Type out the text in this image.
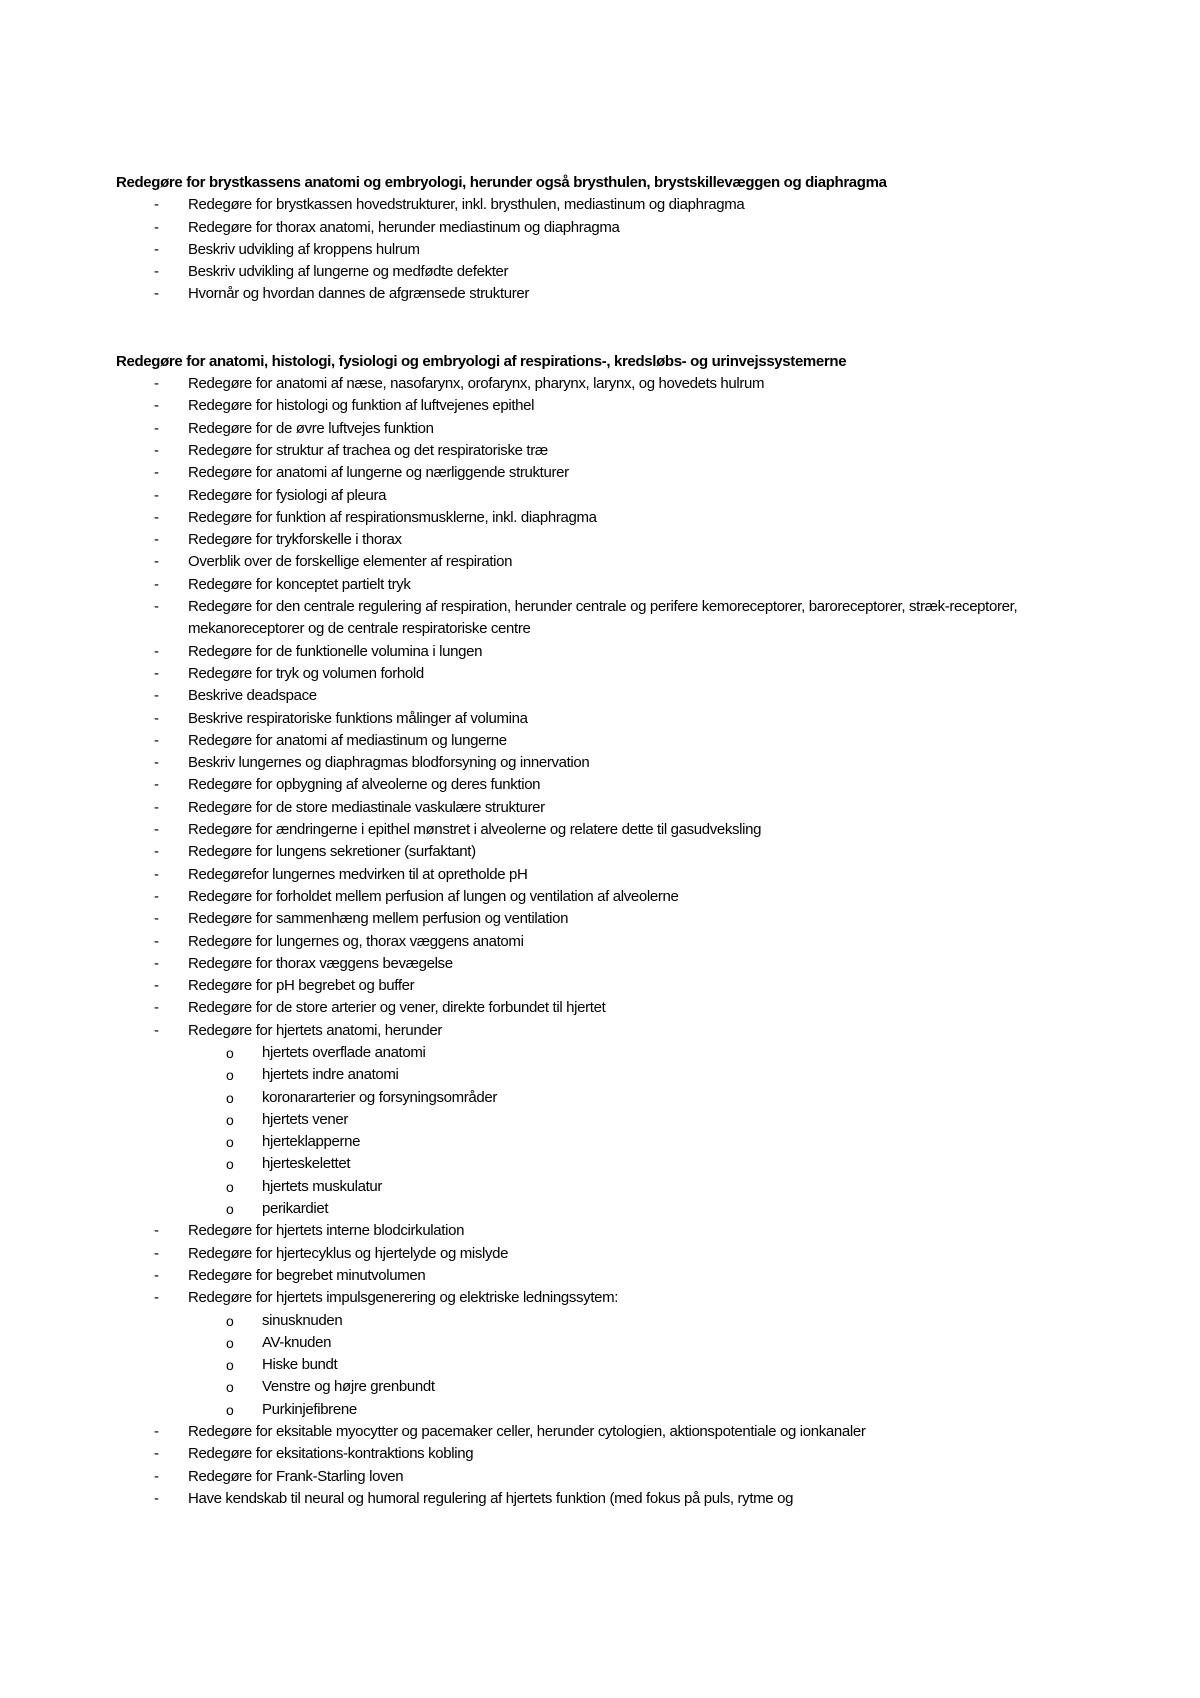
Redegøre for brystkassens anatomi og embryologi, herunder også brysthulen, brystskillevæggen og diaphragma

- Redegøre for brystkassen hovedstrukturer, inkl. brysthulen, mediastinum og diaphragma
- Redegøre for thorax anatomi, herunder mediastinum og diaphragma
- Beskriv udvikling af kroppens hulrum
- Beskriv udvikling af lungerne og medfødte defekter
- Hvornår og hvordan dannes de afgrænsede strukturer

Redegøre for anatomi, histologi, fysiologi og embryologi af respirations-, kredsløbs- og urinvejssystemerne

- Redegøre for anatomi af næse, nasofarynx, orofarynx, pharynx, larynx, og hovedets hulrum
- Redegøre for histologi og funktion af luftvejenes epithel
- Redegøre for de øvre luftvejes funktion
- Redegøre for struktur af trachea og det respiratoriske træ
- Redegøre for anatomi af lungerne og nærliggende strukturer
- Redegøre for fysiologi af pleura
- Redegøre for funktion af respirationsmusklerne, inkl. diaphragma
- Redegøre for trykforskelle i thorax
- Overblik over de forskellige elementer af respiration
- Redegøre for konceptet partielt tryk
- Redegøre for den centrale regulering af respiration, herunder centrale og perifere kemoreceptorer, baroreceptorer, stræk-receptorer, mekanoreceptorer og de centrale respiratoriske centre
- Redegøre for de funktionelle volumina i lungen
- Redegøre for tryk og volumen forhold
- Beskrive deadspace
- Beskrive respiratoriske funktions målinger af volumina
- Redegøre for anatomi af mediastinum og lungerne
- Beskriv lungernes og diaphragmas blodforsyning og innervation
- Redegøre for opbygning af alveolerne og deres funktion
- Redegøre for de store mediastinale vaskulære strukturer
- Redegøre for ændringerne i epithel mønstret i alveolerne og relatere dette til gasudveksling
- Redegøre for lungens sekretioner (surfaktant)
- Redegørefor lungernes medvirken til at opretholde pH
- Redegøre for forholdet mellem perfusion af lungen og ventilation af alveolerne
- Redegøre for sammenhæng mellem perfusion og ventilation
- Redegøre for lungernes og, thorax væggens anatomi
- Redegøre for thorax væggens bevægelse
- Redegøre for pH begrebet og buffer
- Redegøre for de store arterier og vener, direkte forbundet til hjertet
- Redegøre for hjertets anatomi, herunder
o hjertets overflade anatomi
o hjertets indre anatomi
o koronararterier og forsyningsområder
o hjertets vener
o hjerteklapperne
o hjerteskelettet
o hjertets muskulatur
o perikardiet
- Redegøre for hjertets interne blodcirkulation
- Redegøre for hjertecyklus og hjertelyde og mislyde
- Redegøre for begrebet minutvolumen
- Redegøre for hjertets impulsgenerering og elektriske ledningssytem:
o sinusknuden
o AV-knuden
o Hiske bundt
o Venstre og højre grenbundt
o Purkinjefibrene
- Redegøre for eksitable myocytter og pacemaker celler, herunder cytologien, aktionspotentiale og ionkanaler
- Redegøre for eksitations-kontraktions kobling
- Redegøre for Frank-Starling loven
- Have kendskab til neural og humoral regulering af hjertets funktion (med fokus på puls, rytme og
